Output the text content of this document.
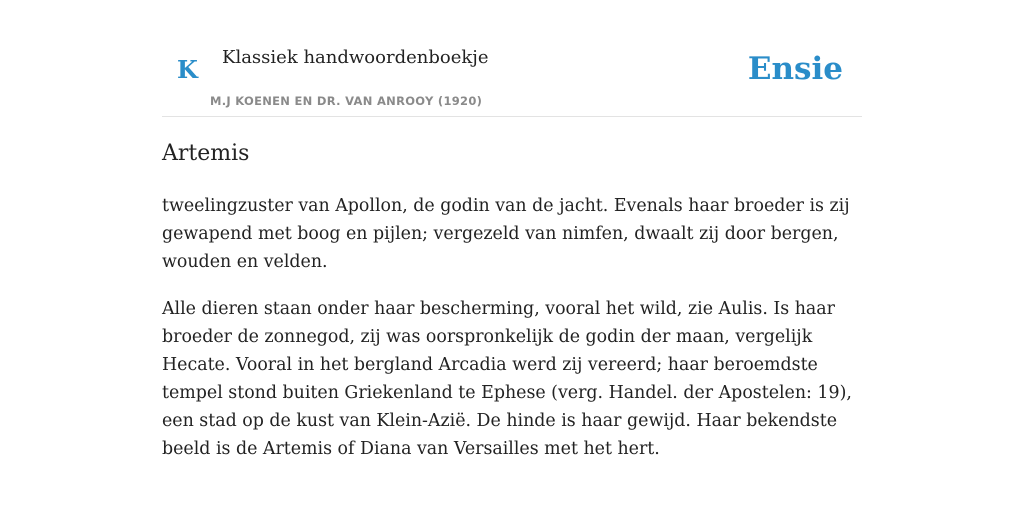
K Klassiek handwoordenboekje
M.J KOENEN EN DR. VAN ANROOY (1920)
Ensie
Artemis

tweelingzuster van Apollon, de godin van de jacht. Evenals haar broeder is zij gewapend met boog en pijlen; vergezeld van nimfen, dwaalt zij door bergen, wouden en velden.

Alle dieren staan onder haar bescherming, vooral het wild, zie Aulis. Is haar broeder de zonnegod, zij was oorspronkelijk de godin der maan, vergelijk Hecate. Vooral in het bergland Arcadia werd zij vereerd; haar beroemdste tempel stond buiten Griekenland te Ephese (verg. Handel. der Apostelen: 19), een stad op de kust van Klein-Azië. De hinde is haar gewijd. Haar bekendste beeld is de Artemis of Diana van Versailles met het hert.
